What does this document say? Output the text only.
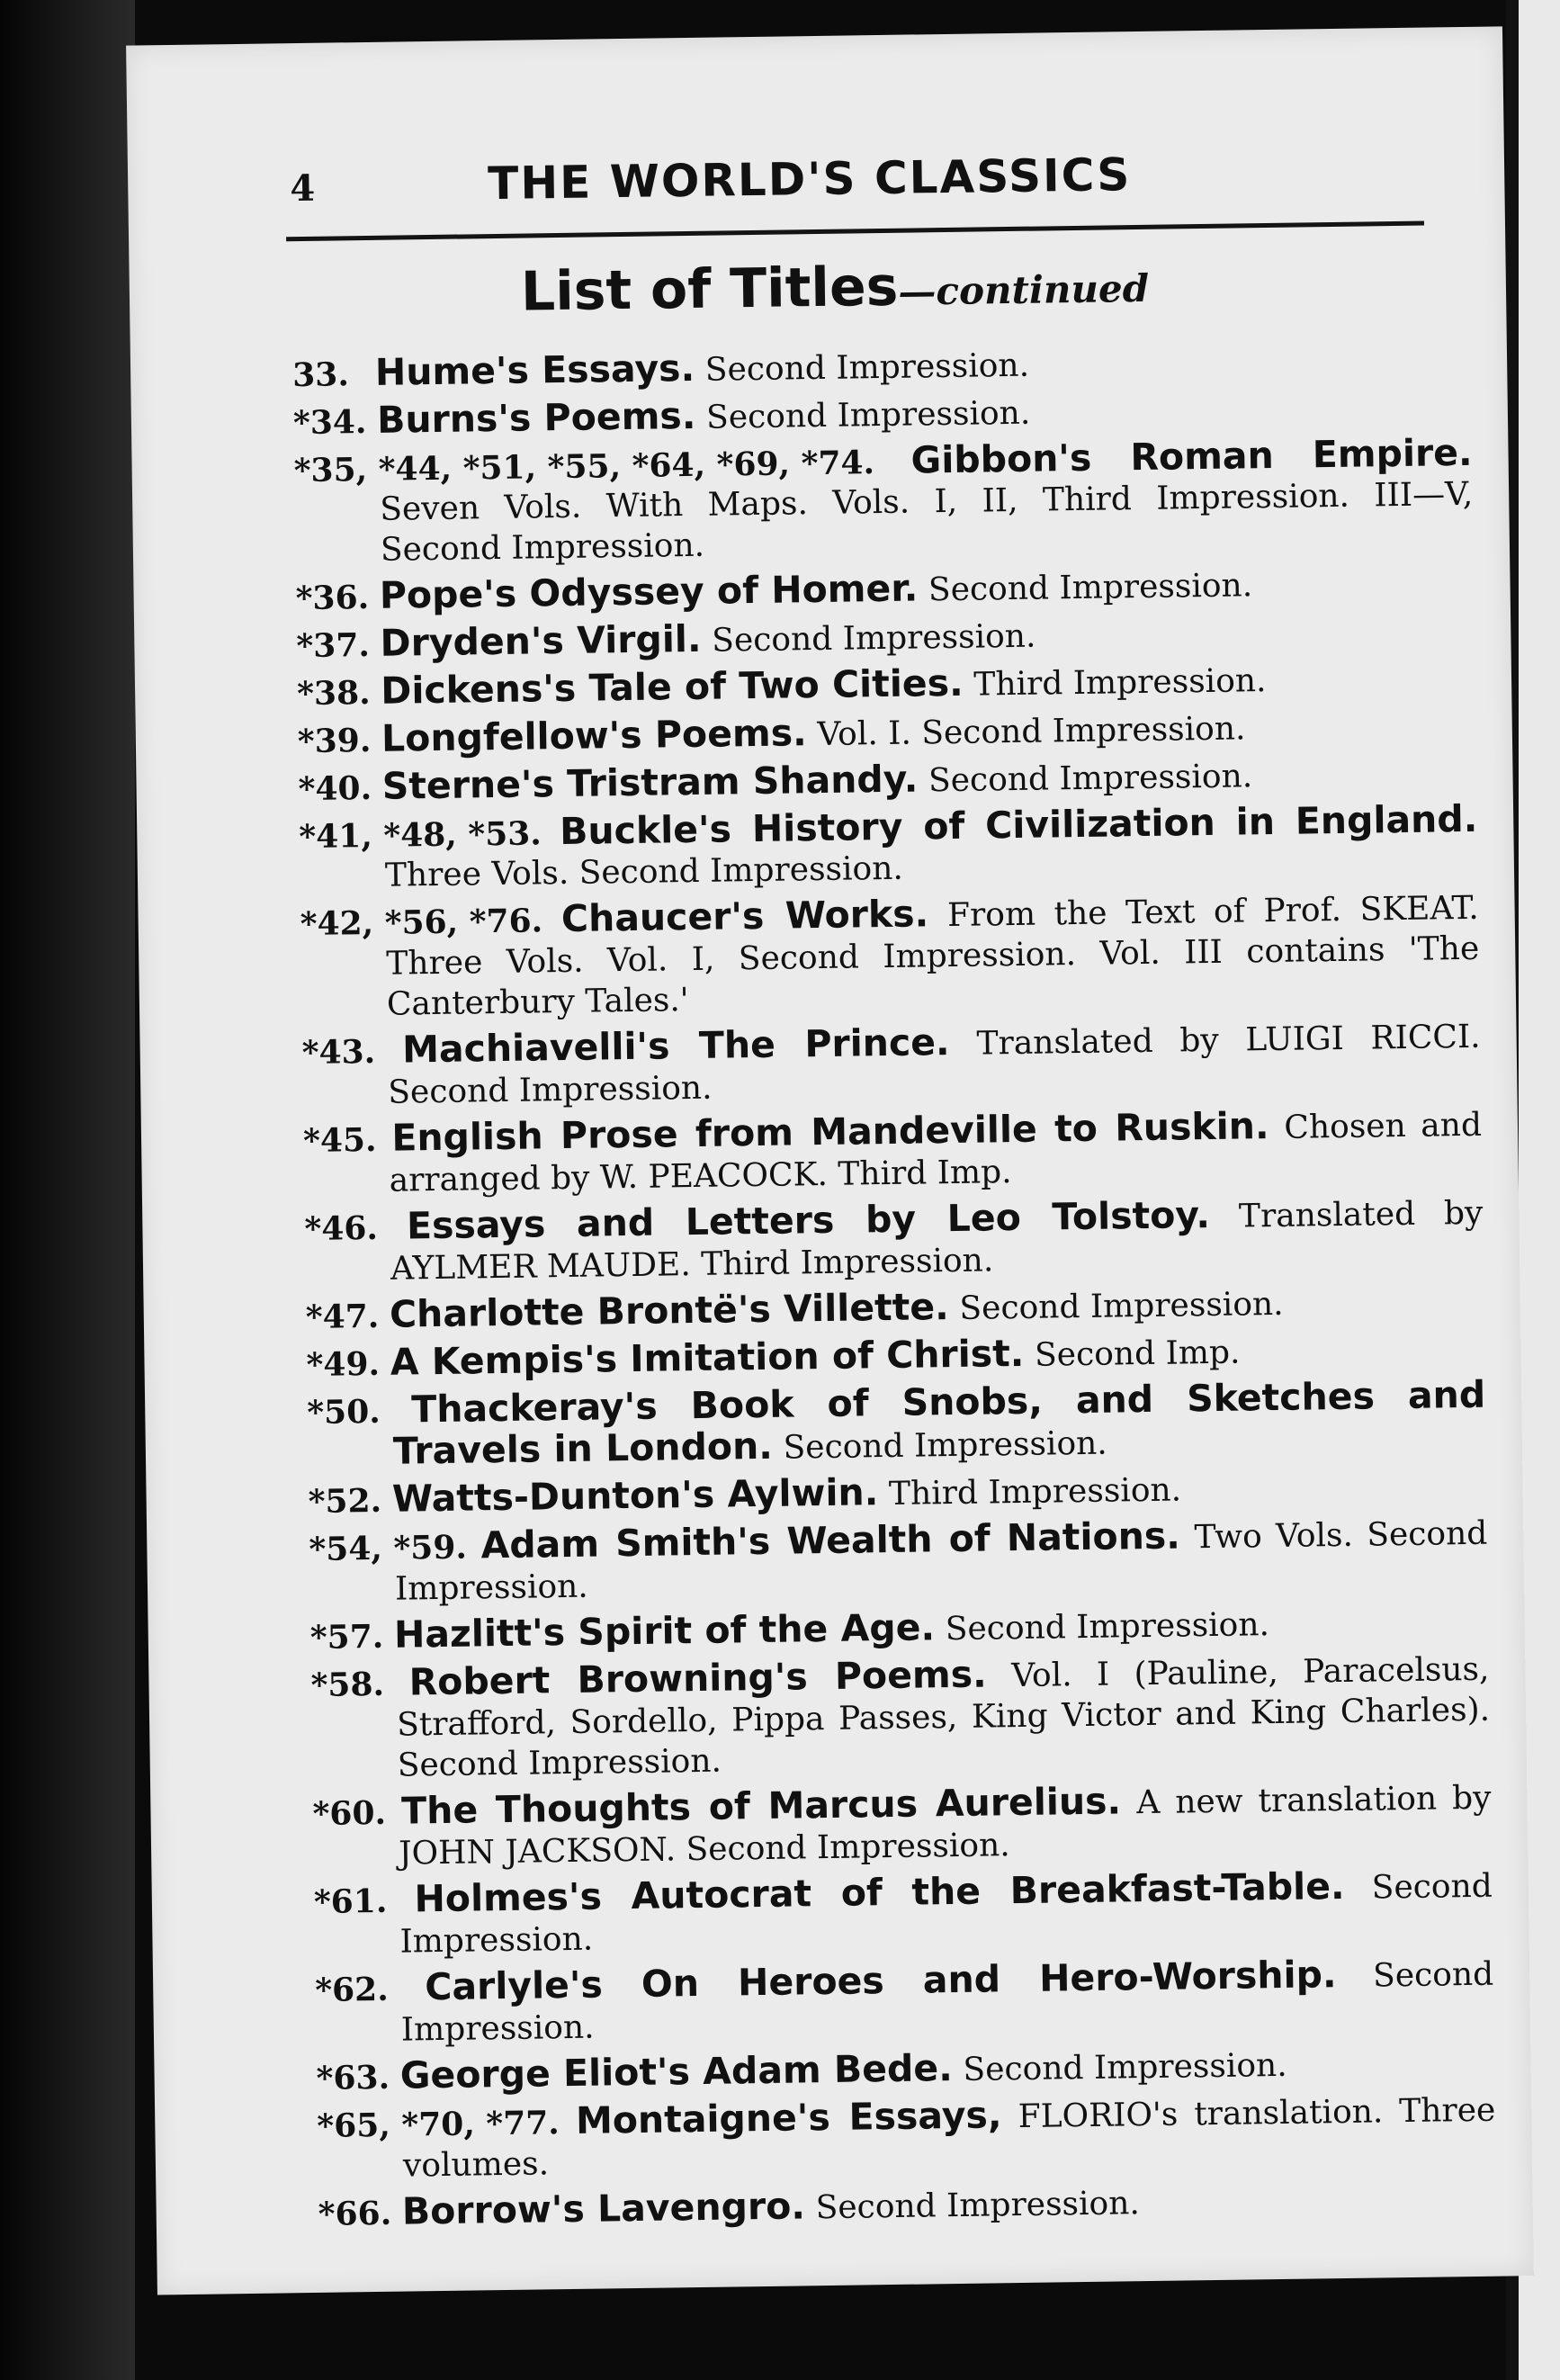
4	THE WORLD'S CLASSICS
List of Titles—continued
33. Hume's Essays. Second Impression.
*34. Burns's Poems. Second Impression.
*35, *44, *51, *55, *64, *69, *74. Gibbon's Roman Empire. Seven Vols. With Maps. Vols. I, II, Third Impression. III—V, Second Impression.
*36. Pope's Odyssey of Homer. Second Impression.
*37. Dryden's Virgil. Second Impression.
*38. Dickens's Tale of Two Cities. Third Impression.
*39. Longfellow's Poems. Vol. I. Second Impression.
*40. Sterne's Tristram Shandy. Second Impression.
*41, *48, *53. Buckle's History of Civilization in England. Three Vols. Second Impression.
*42, *56, *76. Chaucer's Works. From the Text of Prof. SKEAT. Three Vols. Vol. I, Second Impression. Vol. III contains 'The Canterbury Tales.'
*43. Machiavelli's The Prince. Translated by LUIGI RICCI. Second Impression.
*45. English Prose from Mandeville to Ruskin. Chosen and arranged by W. PEACOCK. Third Imp.
*46. Essays and Letters by Leo Tolstoy. Translated by AYLMER MAUDE. Third Impression.
*47. Charlotte Brontë's Villette. Second Impression.
*49. A Kempis's Imitation of Christ. Second Imp.
*50. Thackeray's Book of Snobs, and Sketches and Travels in London. Second Impression.
*52. Watts-Dunton's Aylwin. Third Impression.
*54, *59. Adam Smith's Wealth of Nations. Two Vols. Second Impression.
*57. Hazlitt's Spirit of the Age. Second Impression.
*58. Robert Browning's Poems. Vol. I (Pauline, Paracelsus, Strafford, Sordello, Pippa Passes, King Victor and King Charles). Second Impression.
*60. The Thoughts of Marcus Aurelius. A new translation by JOHN JACKSON. Second Impression.
*61. Holmes's Autocrat of the Breakfast-Table. Second Impression.
*62. Carlyle's On Heroes and Hero-Worship. Second Impression.
*63. George Eliot's Adam Bede. Second Impression.
*65, *70, *77. Montaigne's Essays, FLORIO's translation. Three volumes.
*66. Borrow's Lavengro. Second Impression.
